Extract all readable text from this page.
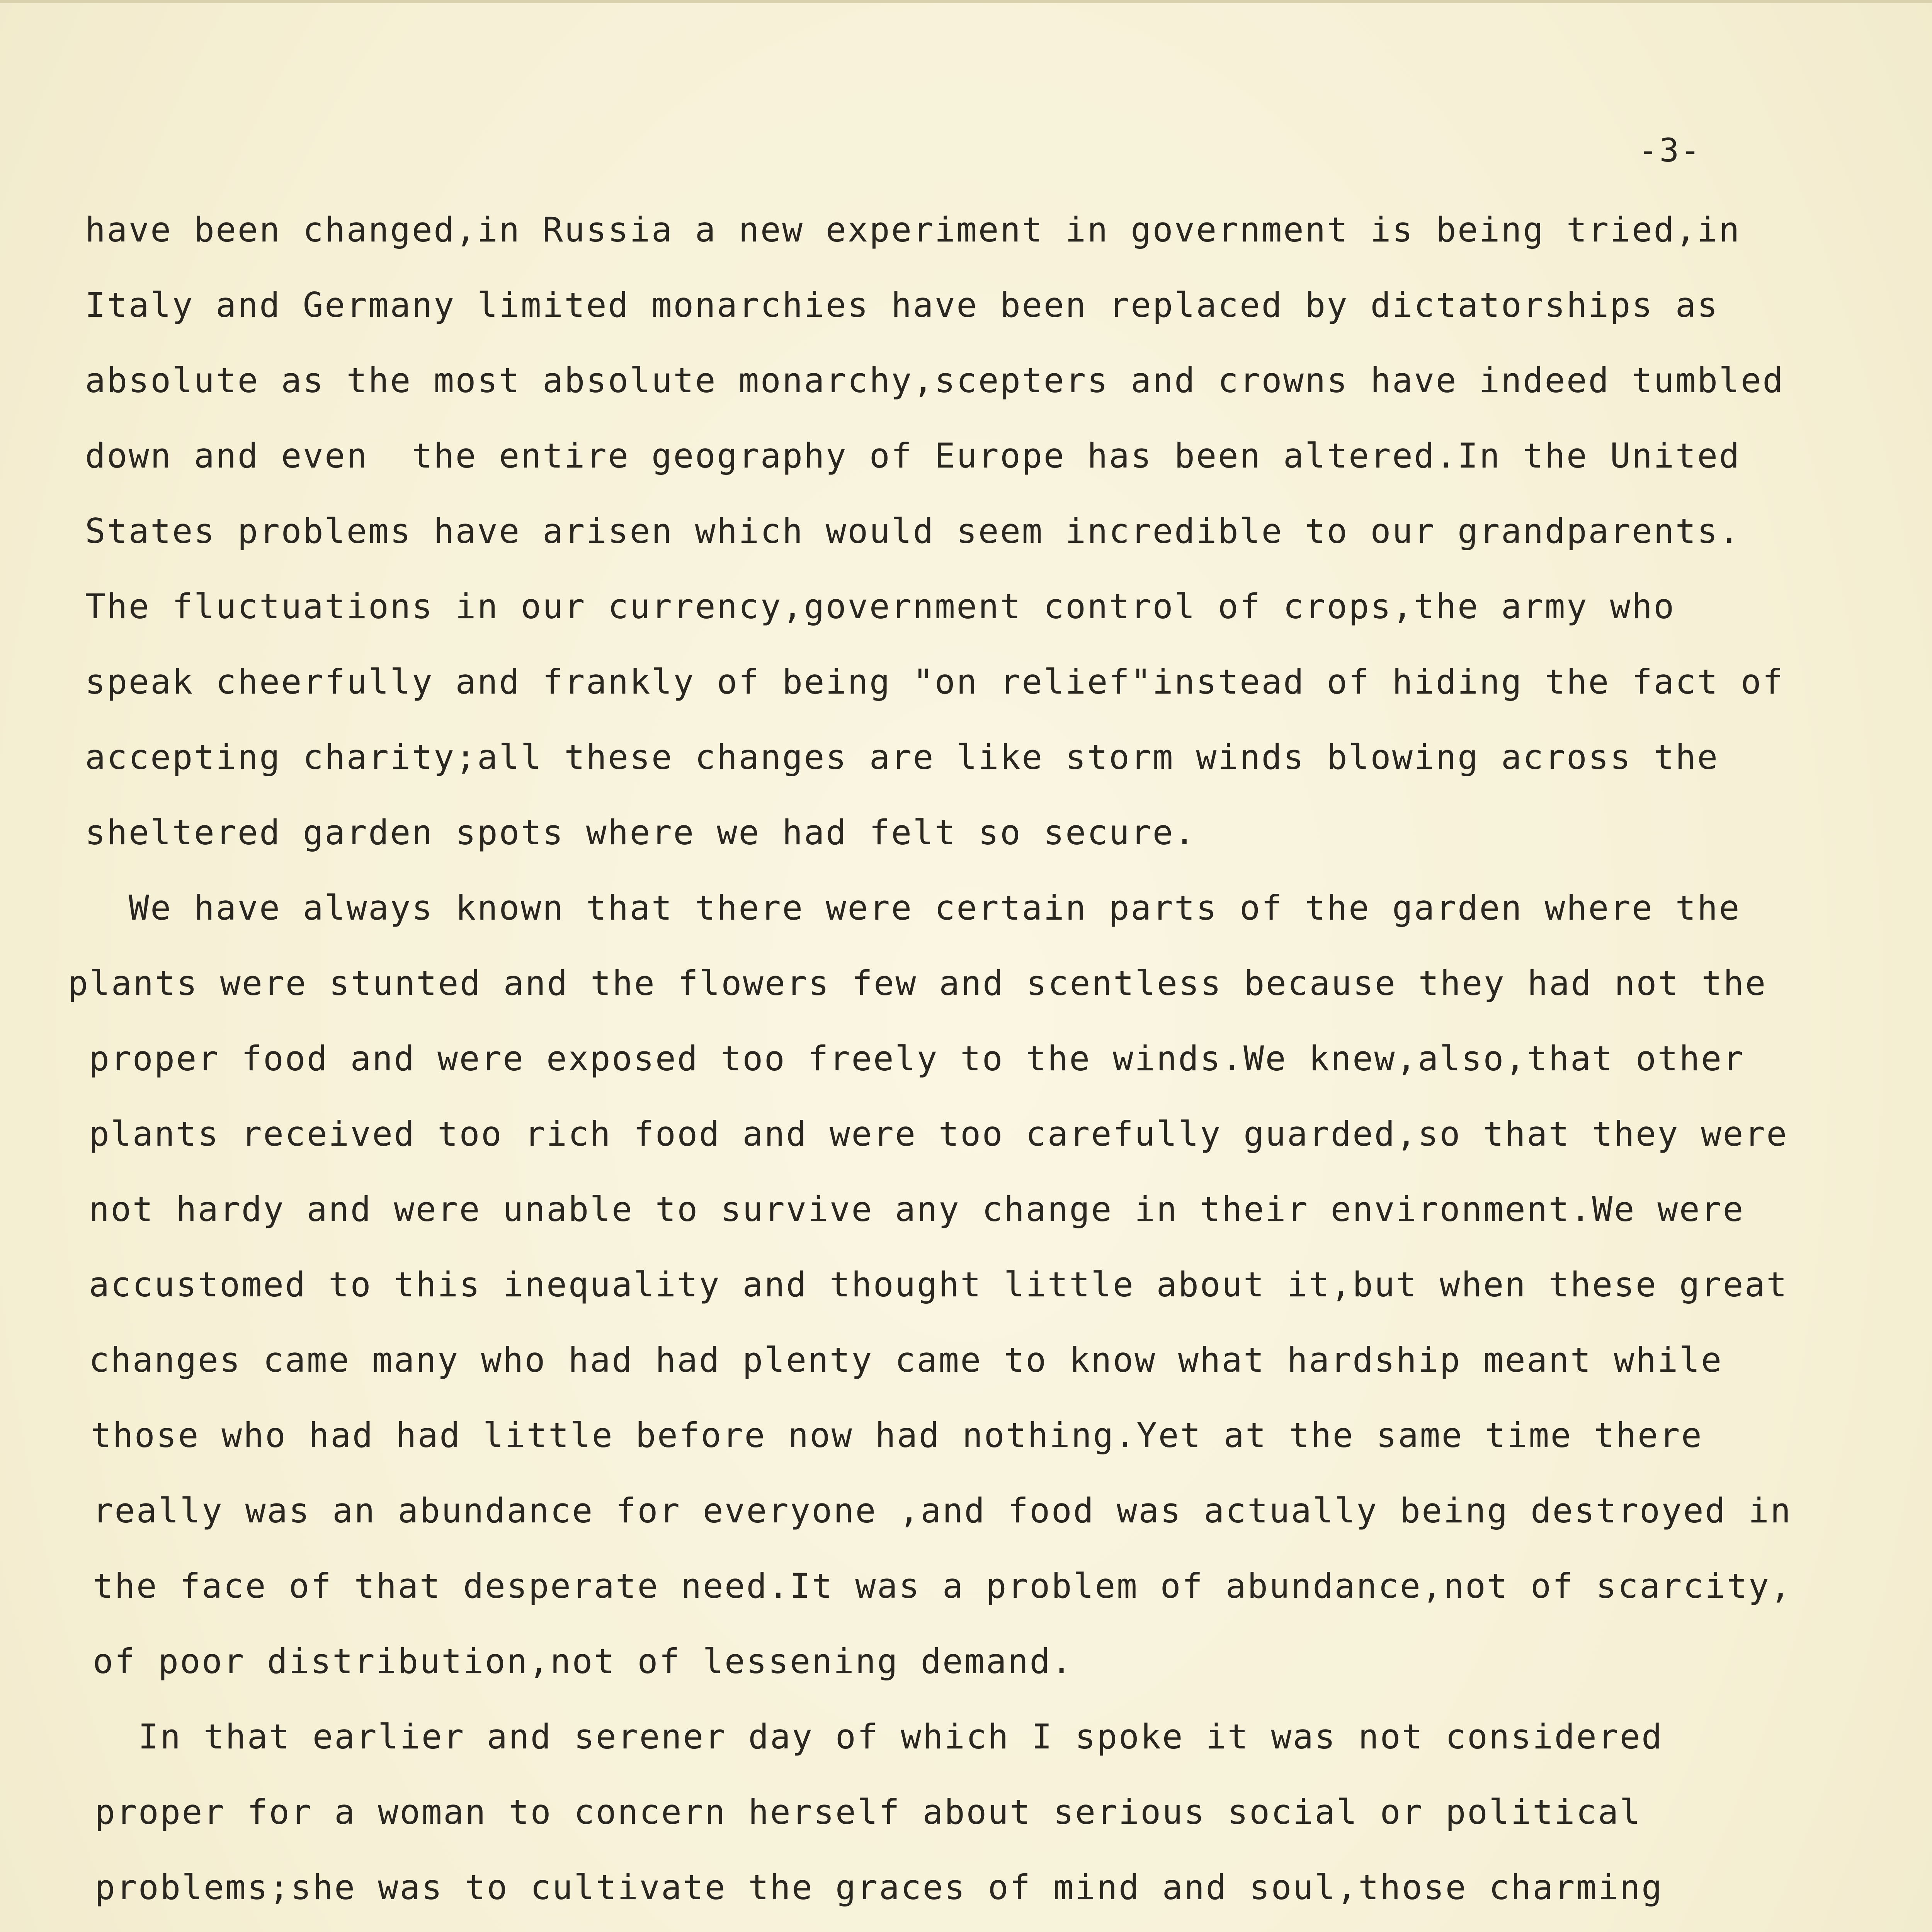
-3-
have been changed,in Russia a new experiment in government is being tried,in
Italy and Germany limited monarchies have been replaced by dictatorships as
absolute as the most absolute monarchy,scepters and crowns have indeed tumbled
down and even  the entire geography of Europe has been altered.In the United
States problems have arisen which would seem incredible to our grandparents.
The fluctuations in our currency,government control of crops,the army who
speak cheerfully and frankly of being "on relief"instead of hiding the fact of
accepting charity;all these changes are like storm winds blowing across the
sheltered garden spots where we had felt so secure.
We have always known that there were certain parts of the garden where the
plants were stunted and the flowers few and scentless because they had not the
proper food and were exposed too freely to the winds.We knew,also,that other
plants received too rich food and were too carefully guarded,so that they were
not hardy and were unable to survive any change in their environment.We were
accustomed to this inequality and thought little about it,but when these great
changes came many who had had plenty came to know what hardship meant while
those who had had little before now had nothing.Yet at the same time there
really was an abundance for everyone ,and food was actually being destroyed in
the face of that desperate need.It was a problem of abundance,not of scarcity,
of poor distribution,not of lessening demand.
In that earlier and serener day of which I spoke it was not considered
proper for a woman to concern herself about serious social or political
problems;she was to cultivate the graces of mind and soul,those charming
